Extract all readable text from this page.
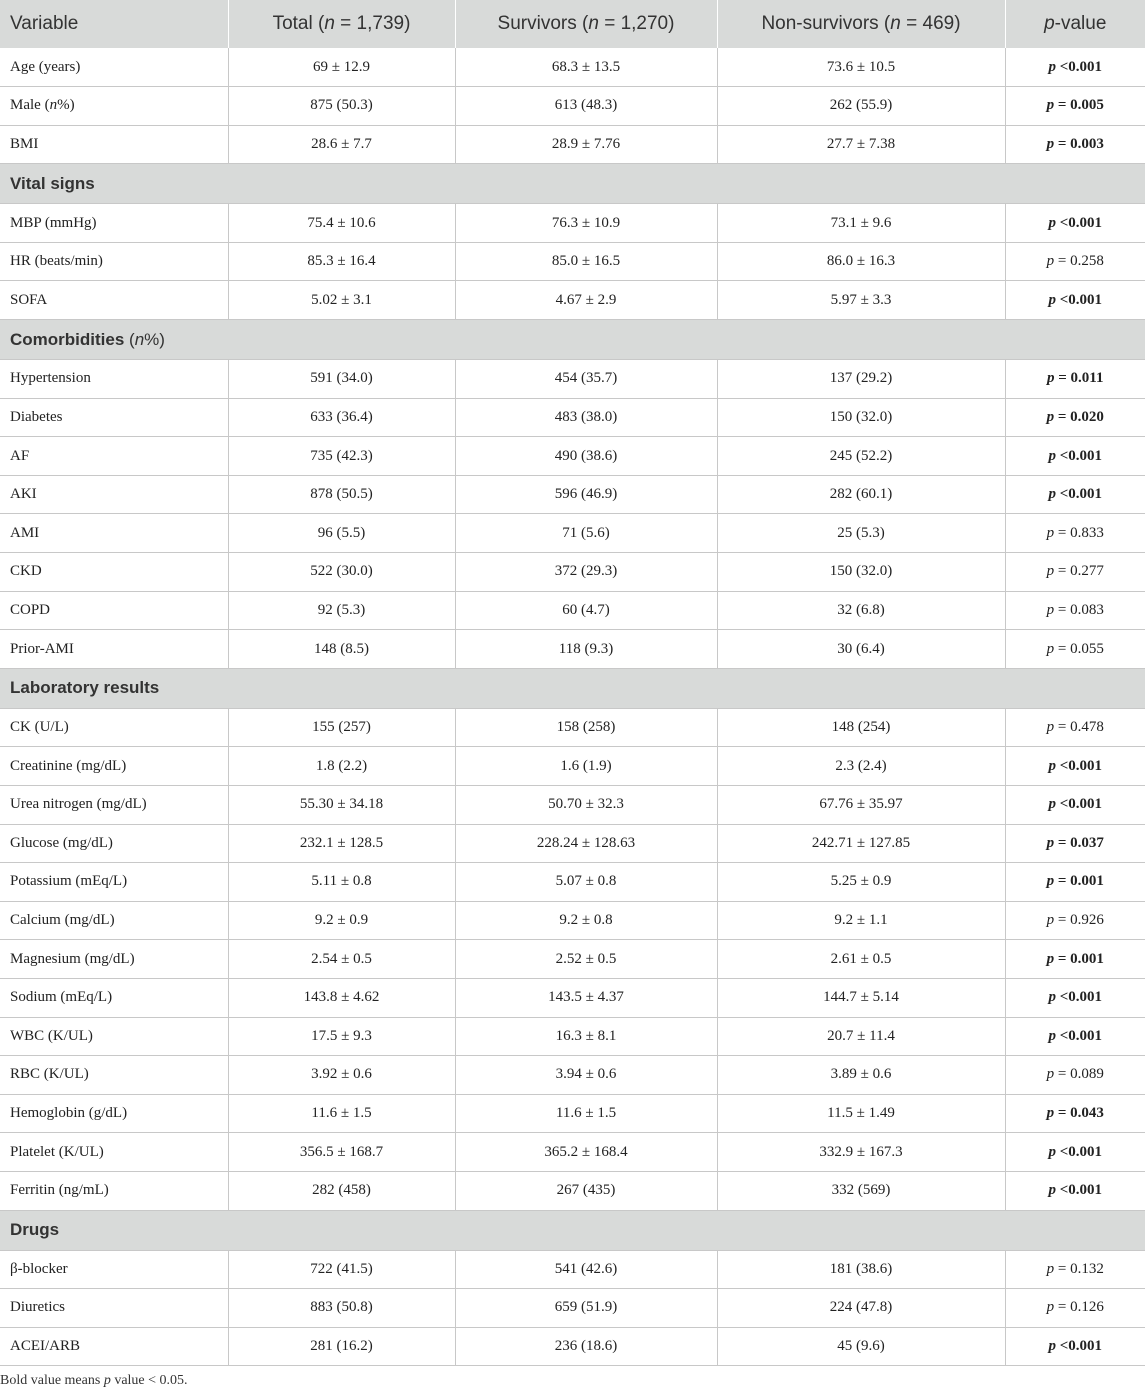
Variable	Total (n = 1,739)	Survivors (n = 1,270)	Non-survivors (n = 469)	p-value
Age (years)	69 ± 12.9	68.3 ± 13.5	73.6 ± 10.5	p <0.001
Male (n%)	875 (50.3)	613 (48.3)	262 (55.9)	p = 0.005
BMI	28.6 ± 7.7	28.9 ± 7.76	27.7 ± 7.38	p = 0.003
Vital signs				
MBP (mmHg)	75.4 ± 10.6	76.3 ± 10.9	73.1 ± 9.6	p <0.001
HR (beats/min)	85.3 ± 16.4	85.0 ± 16.5	86.0 ± 16.3	p = 0.258
SOFA	5.02 ± 3.1	4.67 ± 2.9	5.97 ± 3.3	p <0.001
Comorbidities (n%)				
Hypertension	591 (34.0)	454 (35.7)	137 (29.2)	p = 0.011
Diabetes	633 (36.4)	483 (38.0)	150 (32.0)	p = 0.020
AF	735 (42.3)	490 (38.6)	245 (52.2)	p <0.001
AKI	878 (50.5)	596 (46.9)	282 (60.1)	p <0.001
AMI	96 (5.5)	71 (5.6)	25 (5.3)	p = 0.833
CKD	522 (30.0)	372 (29.3)	150 (32.0)	p = 0.277
COPD	92 (5.3)	60 (4.7)	32 (6.8)	p = 0.083
Prior-AMI	148 (8.5)	118 (9.3)	30 (6.4)	p = 0.055
Laboratory results				
CK (U/L)	155 (257)	158 (258)	148 (254)	p = 0.478
Creatinine (mg/dL)	1.8 (2.2)	1.6 (1.9)	2.3 (2.4)	p <0.001
Urea nitrogen (mg/dL)	55.30 ± 34.18	50.70 ± 32.3	67.76 ± 35.97	p <0.001
Glucose (mg/dL)	232.1 ± 128.5	228.24 ± 128.63	242.71 ± 127.85	p = 0.037
Potassium (mEq/L)	5.11 ± 0.8	5.07 ± 0.8	5.25 ± 0.9	p = 0.001
Calcium (mg/dL)	9.2 ± 0.9	9.2 ± 0.8	9.2 ± 1.1	p = 0.926
Magnesium (mg/dL)	2.54 ± 0.5	2.52 ± 0.5	2.61 ± 0.5	p = 0.001
Sodium (mEq/L)	143.8 ± 4.62	143.5 ± 4.37	144.7 ± 5.14	p <0.001
WBC (K/UL)	17.5 ± 9.3	16.3 ± 8.1	20.7 ± 11.4	p <0.001
RBC (K/UL)	3.92 ± 0.6	3.94 ± 0.6	3.89 ± 0.6	p = 0.089
Hemoglobin (g/dL)	11.6 ± 1.5	11.6 ± 1.5	11.5 ± 1.49	p = 0.043
Platelet (K/UL)	356.5 ± 168.7	365.2 ± 168.4	332.9 ± 167.3	p <0.001
Ferritin (ng/mL)	282 (458)	267 (435)	332 (569)	p <0.001
Drugs				
β-blocker	722 (41.5)	541 (42.6)	181 (38.6)	p = 0.132
Diuretics	883 (50.8)	659 (51.9)	224 (47.8)	p = 0.126
ACEI/ARB	281 (16.2)	236 (18.6)	45 (9.6)	p <0.001
Bold value means p value < 0.05.
